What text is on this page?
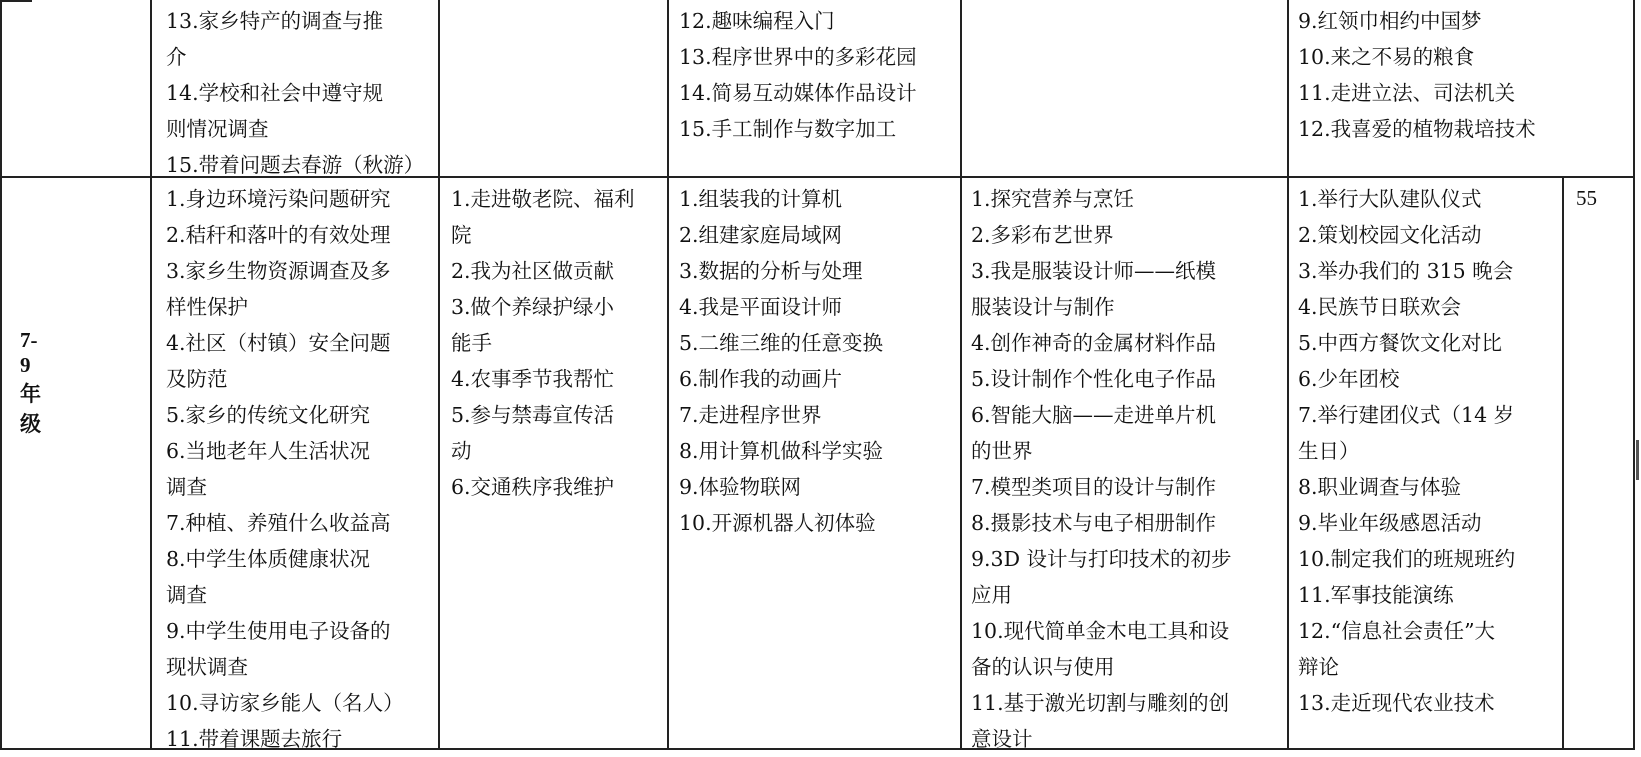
13.家乡特产的调查与推
介
14.学校和社会中遵守规
则情况调查
15.带着问题去春游（秋游）
12.趣味编程入门
13.程序世界中的多彩花园
14.简易互动媒体作品设计
15.手工制作与数字加工
9.红领巾相约中国梦
10.来之不易的粮食
11.走进立法、司法机关
12.我喜爱的植物栽培技术
7-9 年级
1.身边环境污染问题研究
2.秸秆和落叶的有效处理
3.家乡生物资源调查及多
样性保护
4.社区（村镇）安全问题
及防范
5.家乡的传统文化研究
6.当地老年人生活状况
调查
7.种植、养殖什么收益高
8.中学生体质健康状况
调查
9.中学生使用电子设备的
现状调查
10.寻访家乡能人（名人）
11.带着课题去旅行
1.走进敬老院、福利
院
2.我为社区做贡献
3.做个养绿护绿小
能手
4.农事季节我帮忙
5.参与禁毒宣传活
动
6.交通秩序我维护
1.组装我的计算机
2.组建家庭局域网
3.数据的分析与处理
4.我是平面设计师
5.二维三维的任意变换
6.制作我的动画片
7.走进程序世界
8.用计算机做科学实验
9.体验物联网
10.开源机器人初体验
1.探究营养与烹饪
2.多彩布艺世界
3.我是服装设计师——纸模
服装设计与制作
4.创作神奇的金属材料作品
5.设计制作个性化电子作品
6.智能大脑——走进单片机
的世界
7.模型类项目的设计与制作
8.摄影技术与电子相册制作
9.3D 设计与打印技术的初步
应用
10.现代简单金木电工具和设
备的认识与使用
11.基于激光切割与雕刻的创
意设计
1.举行大队建队仪式
2.策划校园文化活动
3.举办我们的 315 晚会
4.民族节日联欢会
5.中西方餐饮文化对比
6.少年团校
7.举行建团仪式（14 岁
生日）
8.职业调查与体验
9.毕业年级感恩活动
10.制定我们的班规班约
11.军事技能演练
12.“信息社会责任”大
辩论
13.走近现代农业技术
55
